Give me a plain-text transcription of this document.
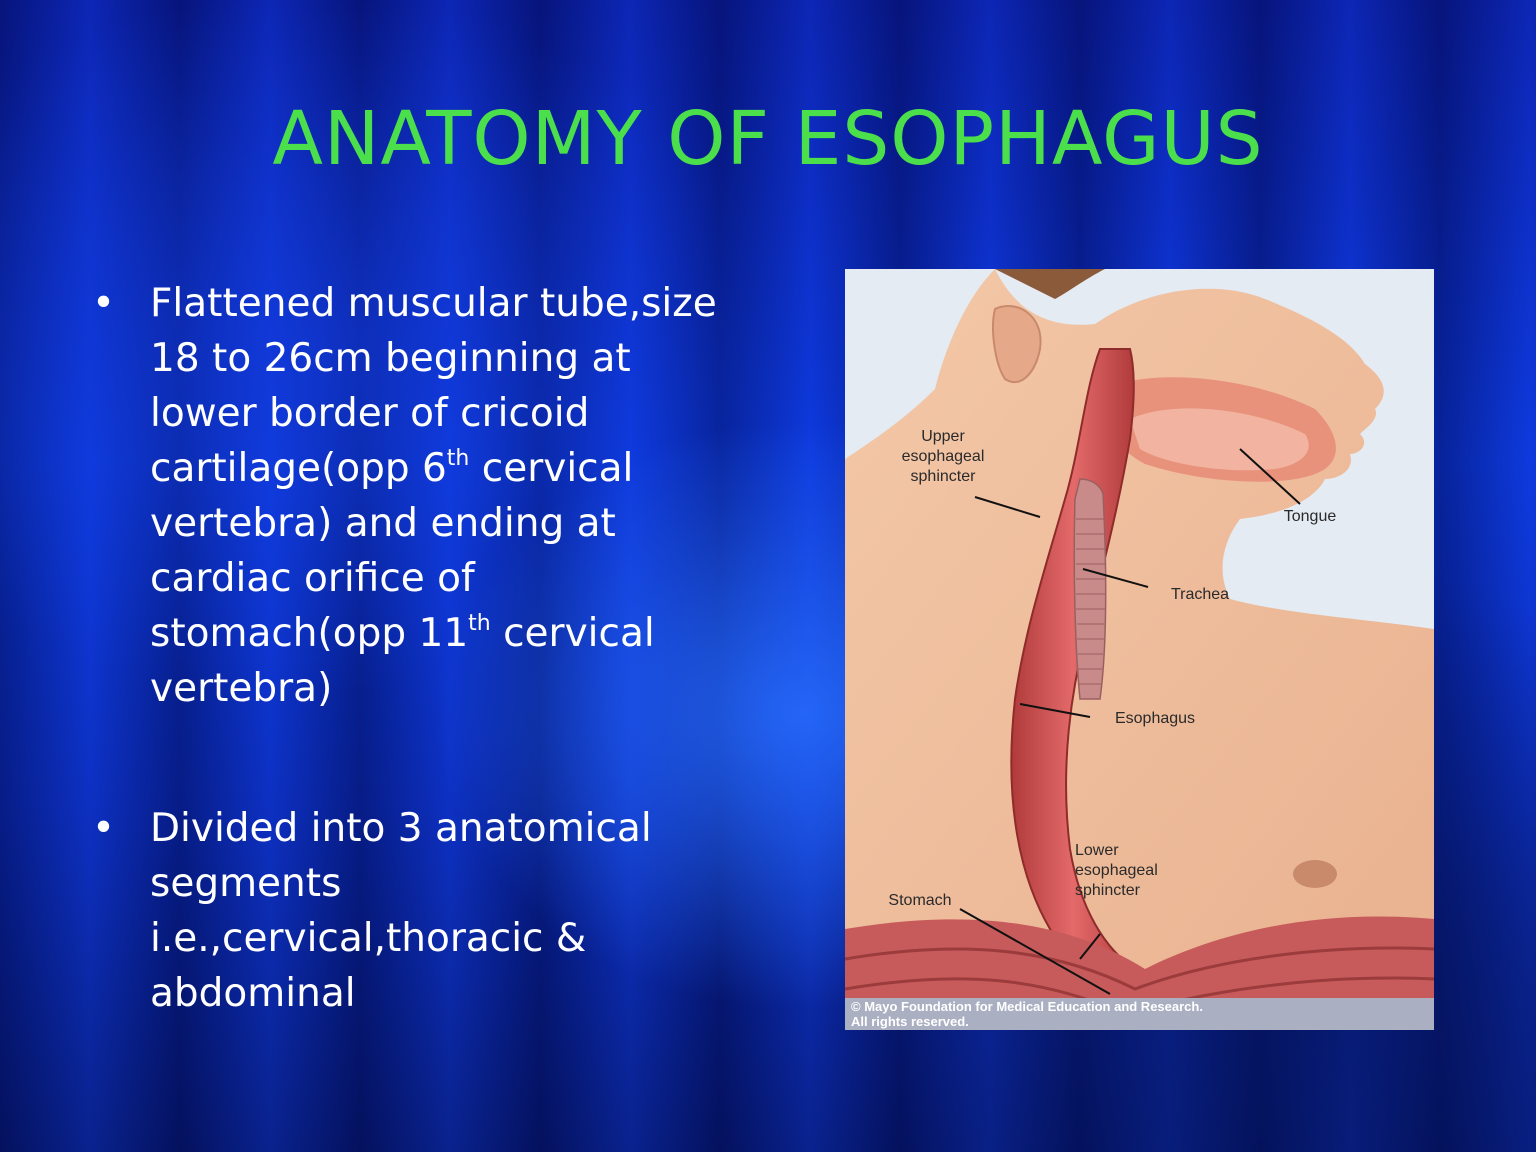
ANATOMY OF ESOPHAGUS
• Flattened muscular tube,size 18 to 26cm beginning at lower border of cricoid cartilage(opp 6th cervical vertebra) and ending at cardiac orifice of stomach(opp 11th cervical vertebra)
• Divided into 3 anatomical segments i.e.,cervical,thoracic & abdominal
Upper
esophageal
sphincter
Tongue
Trachea
Esophagus
Lower
esophageal
sphincter
Stomach
© Mayo Foundation for Medical Education and Research.
All rights reserved.
